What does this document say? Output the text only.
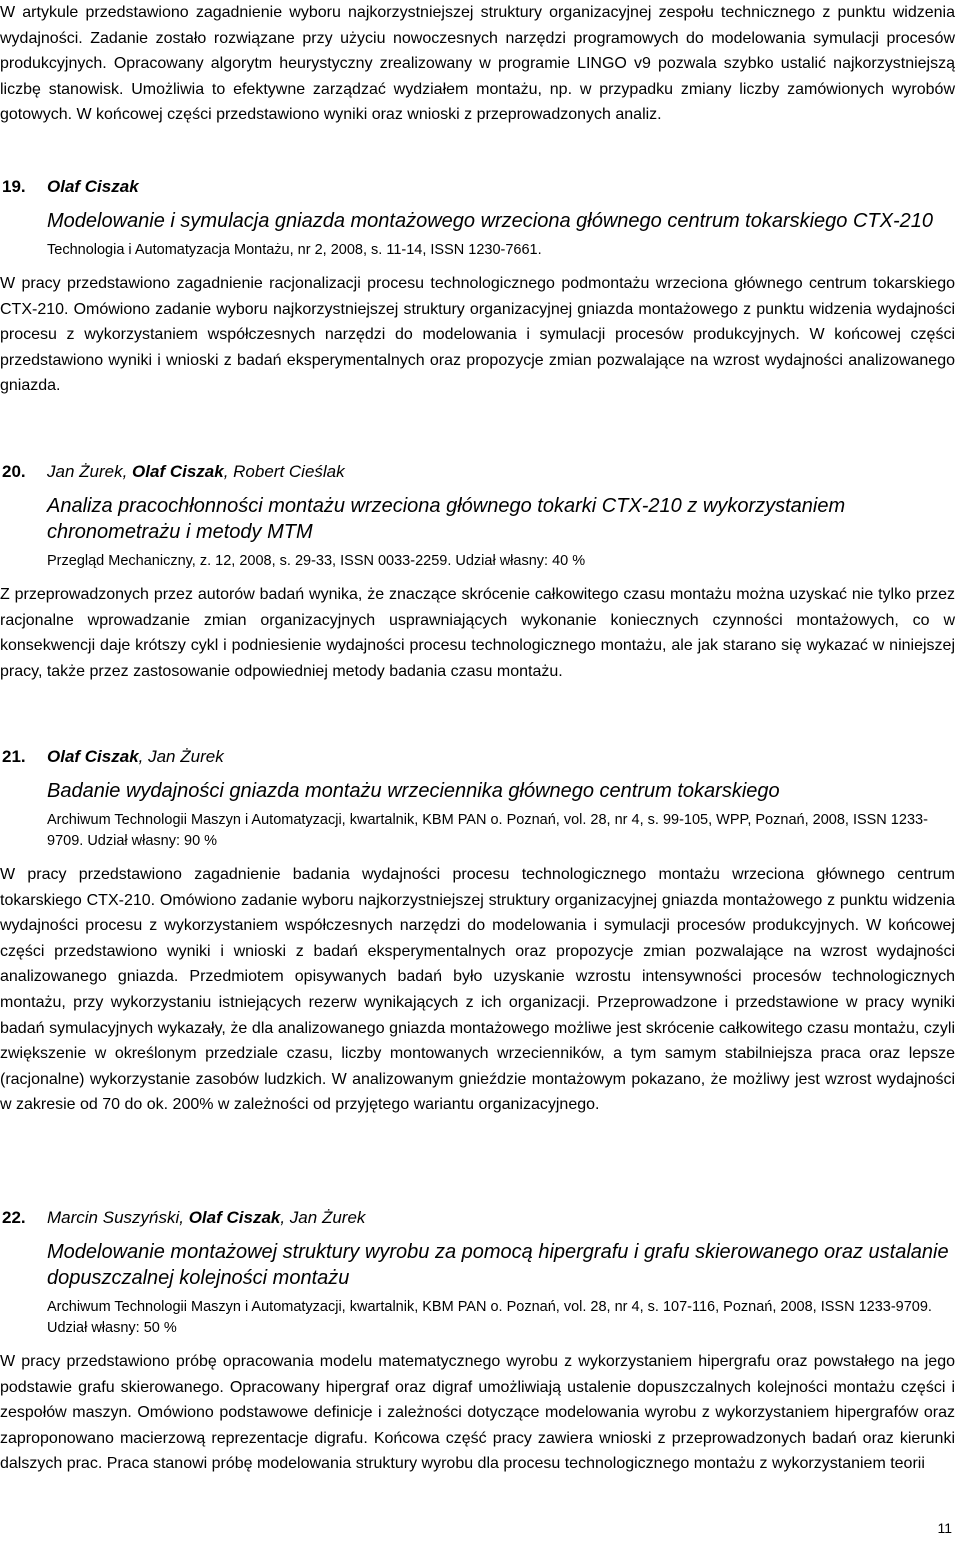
W artykule przedstawiono zagadnienie wyboru najkorzystniejszej struktury organizacyjnej zespołu technicznego z punktu widzenia wydajności. Zadanie zostało rozwiązane przy użyciu nowoczesnych narzędzi programowych do modelowania symulacji procesów produkcyjnych. Opracowany algorytm heurystyczny zrealizowany w programie LINGO v9 pozwala szybko ustalić najkorzystniejszą liczbę stanowisk. Umożliwia to efektywne zarządzać wydziałem montażu, np. w przypadku zmiany liczby zamówionych wyrobów gotowych. W końcowej części przedstawiono wyniki oraz wnioski z przeprowadzonych analiz.

19. Olaf Ciszak

Modelowanie i symulacja gniazda montażowego wrzeciona głównego centrum tokarskiego CTX-210

Technologia i Automatyzacja Montażu, nr 2, 2008, s. 11-14, ISSN 1230-7661.

W pracy przedstawiono zagadnienie racjonalizacji procesu technologicznego podmontażu wrzeciona głównego centrum tokarskiego CTX-210. Omówiono zadanie wyboru najkorzystniejszej struktury organizacyjnej gniazda montażowego z punktu widzenia wydajności procesu z wykorzystaniem współczesnych narzędzi do modelowania i symulacji procesów produkcyjnych. W końcowej części przedstawiono wyniki i wnioski z badań eksperymentalnych oraz propozycje zmian pozwalające na wzrost wydajności analizowanego gniazda.

20. Jan Żurek, Olaf Ciszak, Robert Cieślak

Analiza pracochłonności montażu wrzeciona głównego tokarki CTX-210 z wykorzystaniem chronometrażu i metody MTM

Przegląd Mechaniczny, z. 12, 2008, s. 29-33, ISSN 0033-2259. Udział własny: 40 %

Z przeprowadzonych przez autorów badań wynika, że znaczące skrócenie całkowitego czasu montażu można uzyskać nie tylko przez racjonalne wprowadzanie zmian organizacyjnych usprawniających wykonanie koniecznych czynności montażowych, co w konsekwencji daje krótszy cykl i podniesienie wydajności procesu technologicznego montażu, ale jak starano się wykazać w niniejszej pracy, także przez zastosowanie odpowiedniej metody badania czasu montażu.

21. Olaf Ciszak, Jan Żurek

Badanie wydajności gniazda montażu wrzeciennika głównego centrum tokarskiego

Archiwum Technologii Maszyn i Automatyzacji, kwartalnik, KBM PAN o. Poznań, vol. 28, nr 4, s. 99-105, WPP, Poznań, 2008, ISSN 1233-9709. Udział własny: 90 %

W pracy przedstawiono zagadnienie badania wydajności procesu technologicznego montażu wrzeciona głównego centrum tokarskiego CTX-210. Omówiono zadanie wyboru najkorzystniejszej struktury organizacyjnej gniazda montażowego z punktu widzenia wydajności procesu z wykorzystaniem współczesnych narzędzi do modelowania i symulacji procesów produkcyjnych. W końcowej części przedstawiono wyniki i wnioski z badań eksperymentalnych oraz propozycje zmian pozwalające na wzrost wydajności analizowanego gniazda. Przedmiotem opisywanych badań było uzyskanie wzrostu intensywności procesów technologicznych montażu, przy wykorzystaniu istniejących rezerw wynikających z ich organizacji. Przeprowadzone i przedstawione w pracy wyniki badań symulacyjnych wykazały, że dla analizowanego gniazda montażowego możliwe jest skrócenie całkowitego czasu montażu, czyli zwiększenie w określonym przedziale czasu, liczby montowanych wrzecienników, a tym samym stabilniejsza praca oraz lepsze (racjonalne) wykorzystanie zasobów ludzkich. W analizowanym gnieździe montażowym pokazano, że możliwy jest wzrost wydajności w zakresie od 70 do ok. 200% w zależności od przyjętego wariantu organizacyjnego.

22. Marcin Suszyński, Olaf Ciszak, Jan Żurek

Modelowanie montażowej struktury wyrobu za pomocą hipergrafu i grafu skierowanego oraz ustalanie dopuszczalnej kolejności montażu

Archiwum Technologii Maszyn i Automatyzacji, kwartalnik, KBM PAN o. Poznań, vol. 28, nr 4, s. 107-116, Poznań, 2008, ISSN 1233-9709. Udział własny: 50 %

W pracy przedstawiono próbę opracowania modelu matematycznego wyrobu z wykorzystaniem hipergrafu oraz powstałego na jego podstawie grafu skierowanego. Opracowany hipergraf oraz digraf umożliwiają ustalenie dopuszczalnych kolejności montażu części i zespołów maszyn. Omówiono podstawowe definicje i zależności dotyczące modelowania wyrobu z wykorzystaniem hipergrafów oraz zaproponowano macierzową reprezentacje digrafu. Końcowa część pracy zawiera wnioski z przeprowadzonych badań oraz kierunki dalszych prac. Praca stanowi próbę modelowania struktury wyrobu dla procesu technologicznego montażu z wykorzystaniem teorii

11
